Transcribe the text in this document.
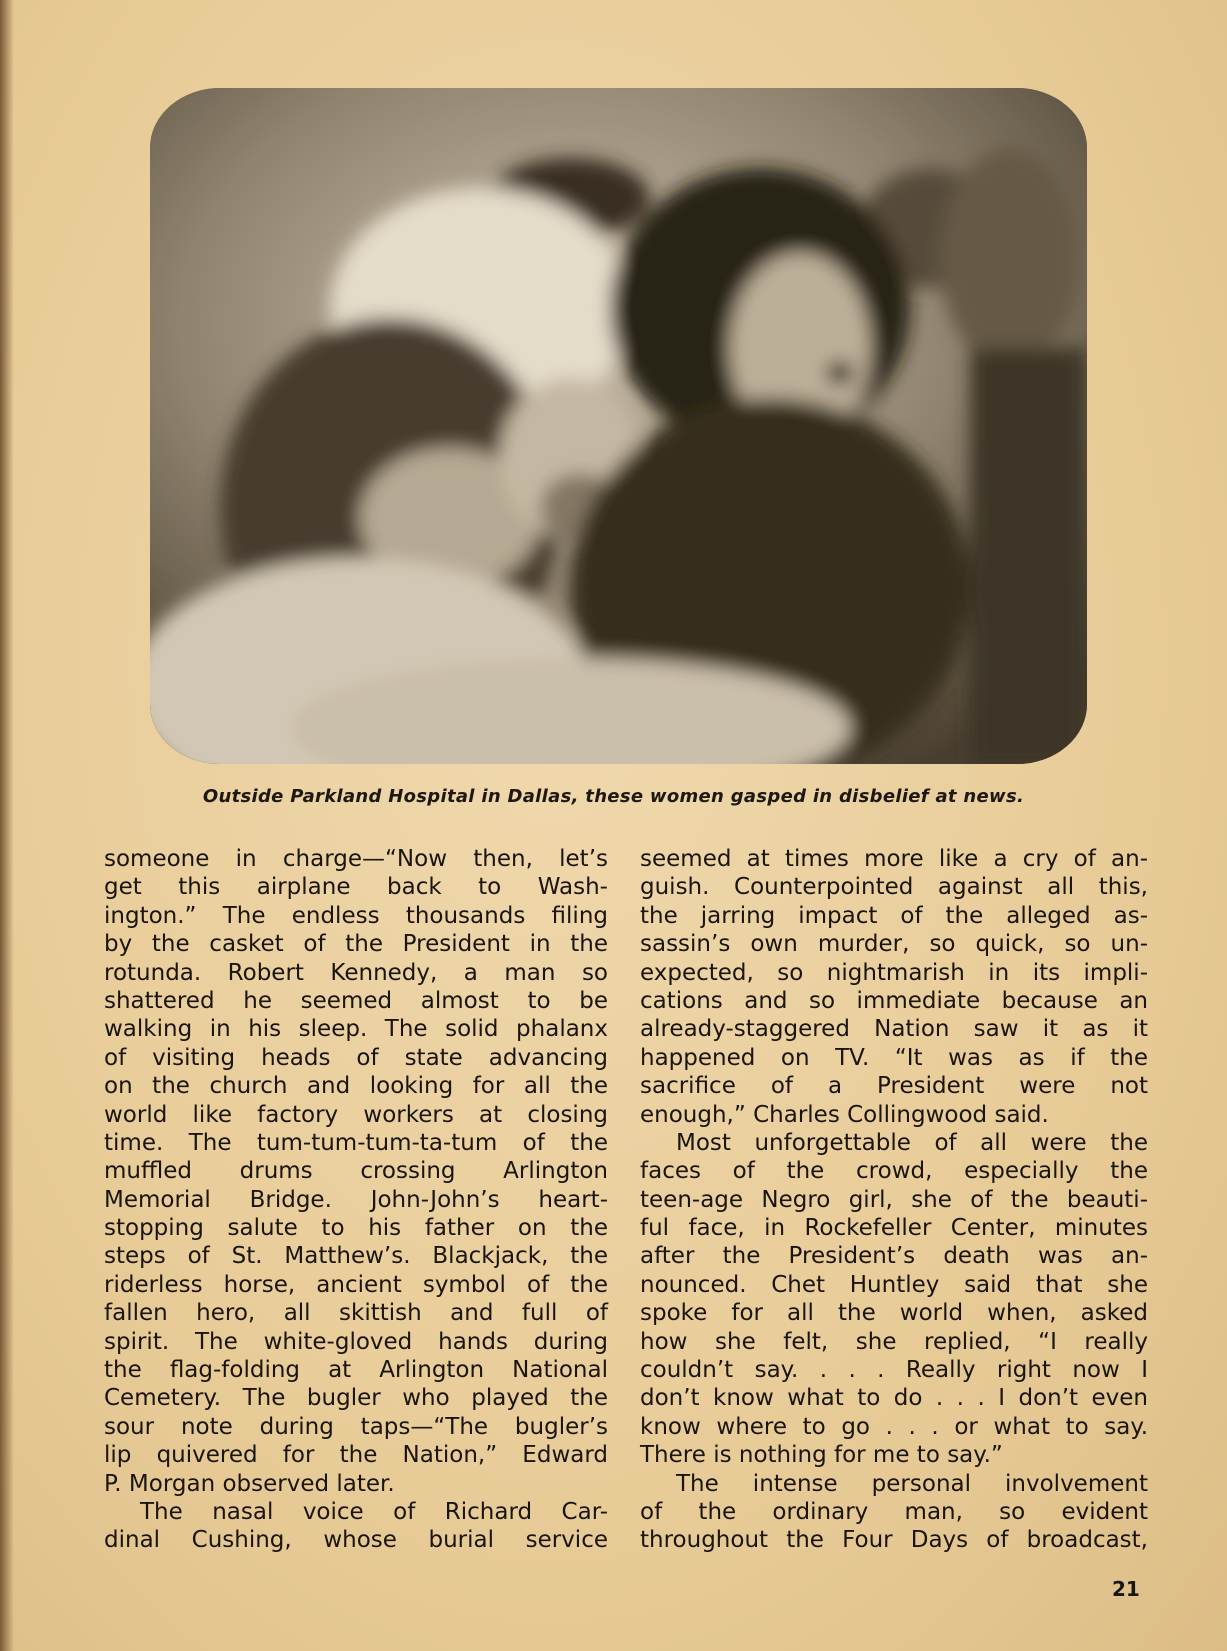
Outside Parkland Hospital in Dallas, these women gasped in disbelief at news.
someone in charge—“Now then, let’s
get this airplane back to Wash-
ington.” The endless thousands filing
by the casket of the President in the
rotunda. Robert Kennedy, a man so
shattered he seemed almost to be
walking in his sleep. The solid phalanx
of visiting heads of state advancing
on the church and looking for all the
world like factory workers at closing
time. The tum-tum-tum-ta-tum of the
muffled drums crossing Arlington
Memorial Bridge. John-John’s heart-
stopping salute to his father on the
steps of St. Matthew’s. Blackjack, the
riderless horse, ancient symbol of the
fallen hero, all skittish and full of
spirit. The white-gloved hands during
the flag-folding at Arlington National
Cemetery. The bugler who played the
sour note during taps—“The bugler’s
lip quivered for the Nation,” Edward
P. Morgan observed later.
The nasal voice of Richard Car-
dinal Cushing, whose burial service
seemed at times more like a cry of an-
guish. Counterpointed against all this,
the jarring impact of the alleged as-
sassin’s own murder, so quick, so un-
expected, so nightmarish in its impli-
cations and so immediate because an
already-staggered Nation saw it as it
happened on TV. “It was as if the
sacrifice of a President were not
enough,” Charles Collingwood said.
Most unforgettable of all were the
faces of the crowd, especially the
teen-age Negro girl, she of the beauti-
ful face, in Rockefeller Center, minutes
after the President’s death was an-
nounced. Chet Huntley said that she
spoke for all the world when, asked
how she felt, she replied, “I really
couldn’t say. . . . Really right now I
don’t know what to do . . . I don’t even
know where to go . . . or what to say.
There is nothing for me to say.”
The intense personal involvement
of the ordinary man, so evident
throughout the Four Days of broadcast,
21
